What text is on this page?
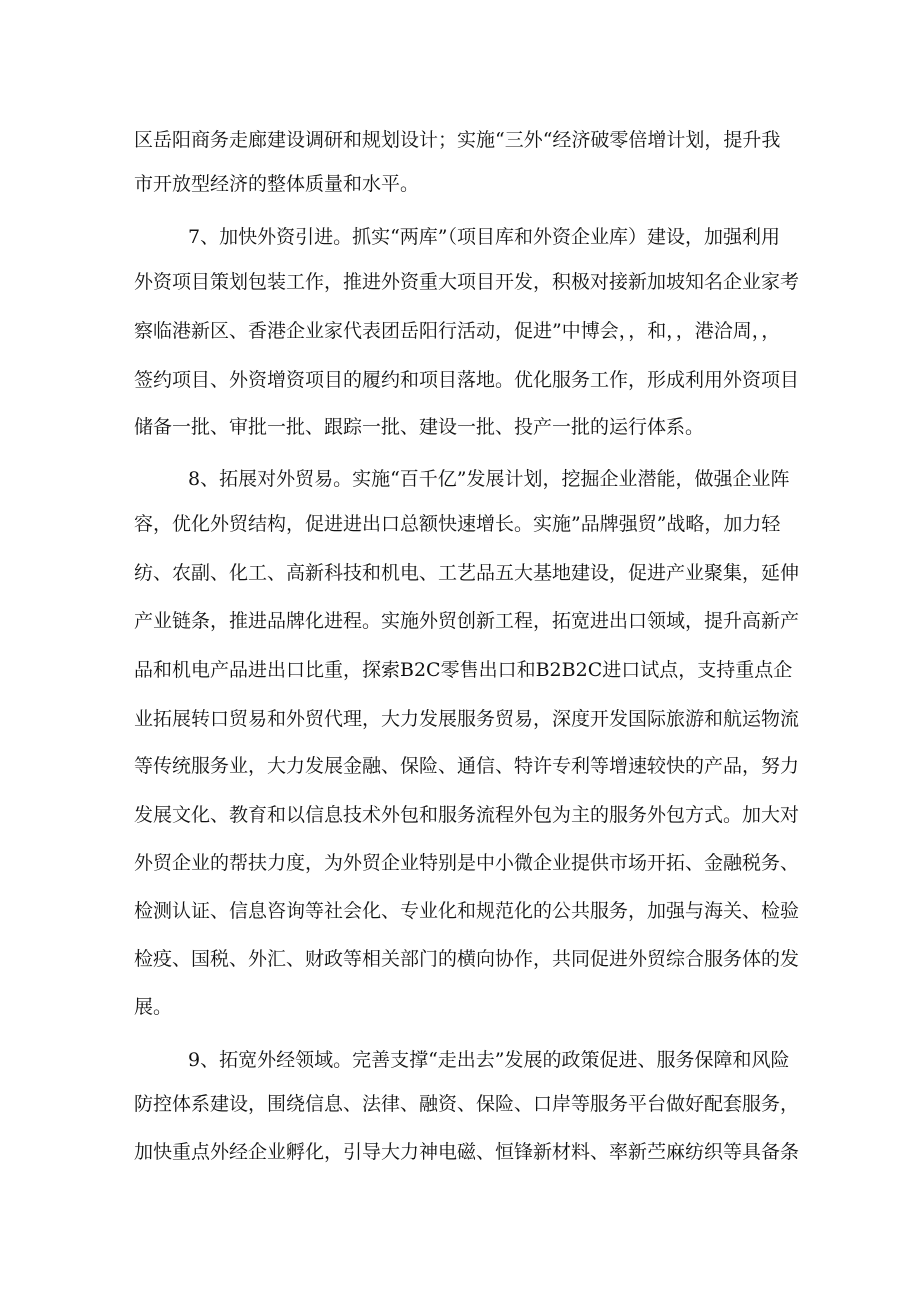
区岳阳商务走廊建设调研和规划设计；实施“三外“经济破零倍增计划，提升我
市开放型经济的整体质量和水平。
7、加快外资引进。抓实“两库”（项目库和外资企业库）建设，加强利用
外资项目策划包装工作，推进外资重大项目开发，积极对接新加坡知名企业家考
察临港新区、香港企业家代表团岳阳行活动，促进”中博会，，和，，港洽周，，
签约项目、外资增资项目的履约和项目落地。优化服务工作，形成利用外资项目
储备一批、审批一批、跟踪一批、建设一批、投产一批的运行体系。
8、拓展对外贸易。实施“百千亿”发展计划，挖掘企业潜能，做强企业阵
容，优化外贸结构，促进进出口总额快速增长。实施”品牌强贸”战略，加力轻
纺、农副、化工、高新科技和机电、工艺品五大基地建设，促进产业聚集，延伸
产业链条，推进品牌化进程。实施外贸创新工程，拓宽进出口领域，提升高新产
品和机电产品进出口比重，探索B2C零售出口和B2B2C进口试点，支持重点企
业拓展转口贸易和外贸代理，大力发展服务贸易，深度开发国际旅游和航运物流
等传统服务业，大力发展金融、保险、通信、特许专利等增速较快的产品，努力
发展文化、教育和以信息技术外包和服务流程外包为主的服务外包方式。加大对
外贸企业的帮扶力度，为外贸企业特别是中小微企业提供市场开拓、金融税务、
检测认证、信息咨询等社会化、专业化和规范化的公共服务，加强与海关、检验
检疫、国税、外汇、财政等相关部门的横向协作，共同促进外贸综合服务体的发
展。
9、拓宽外经领域。完善支撑“走出去”发展的政策促进、服务保障和风险
防控体系建设，围绕信息、法律、融资、保险、口岸等服务平台做好配套服务，
加快重点外经企业孵化，引导大力神电磁、恒锋新材料、率新苎麻纺织等具备条
